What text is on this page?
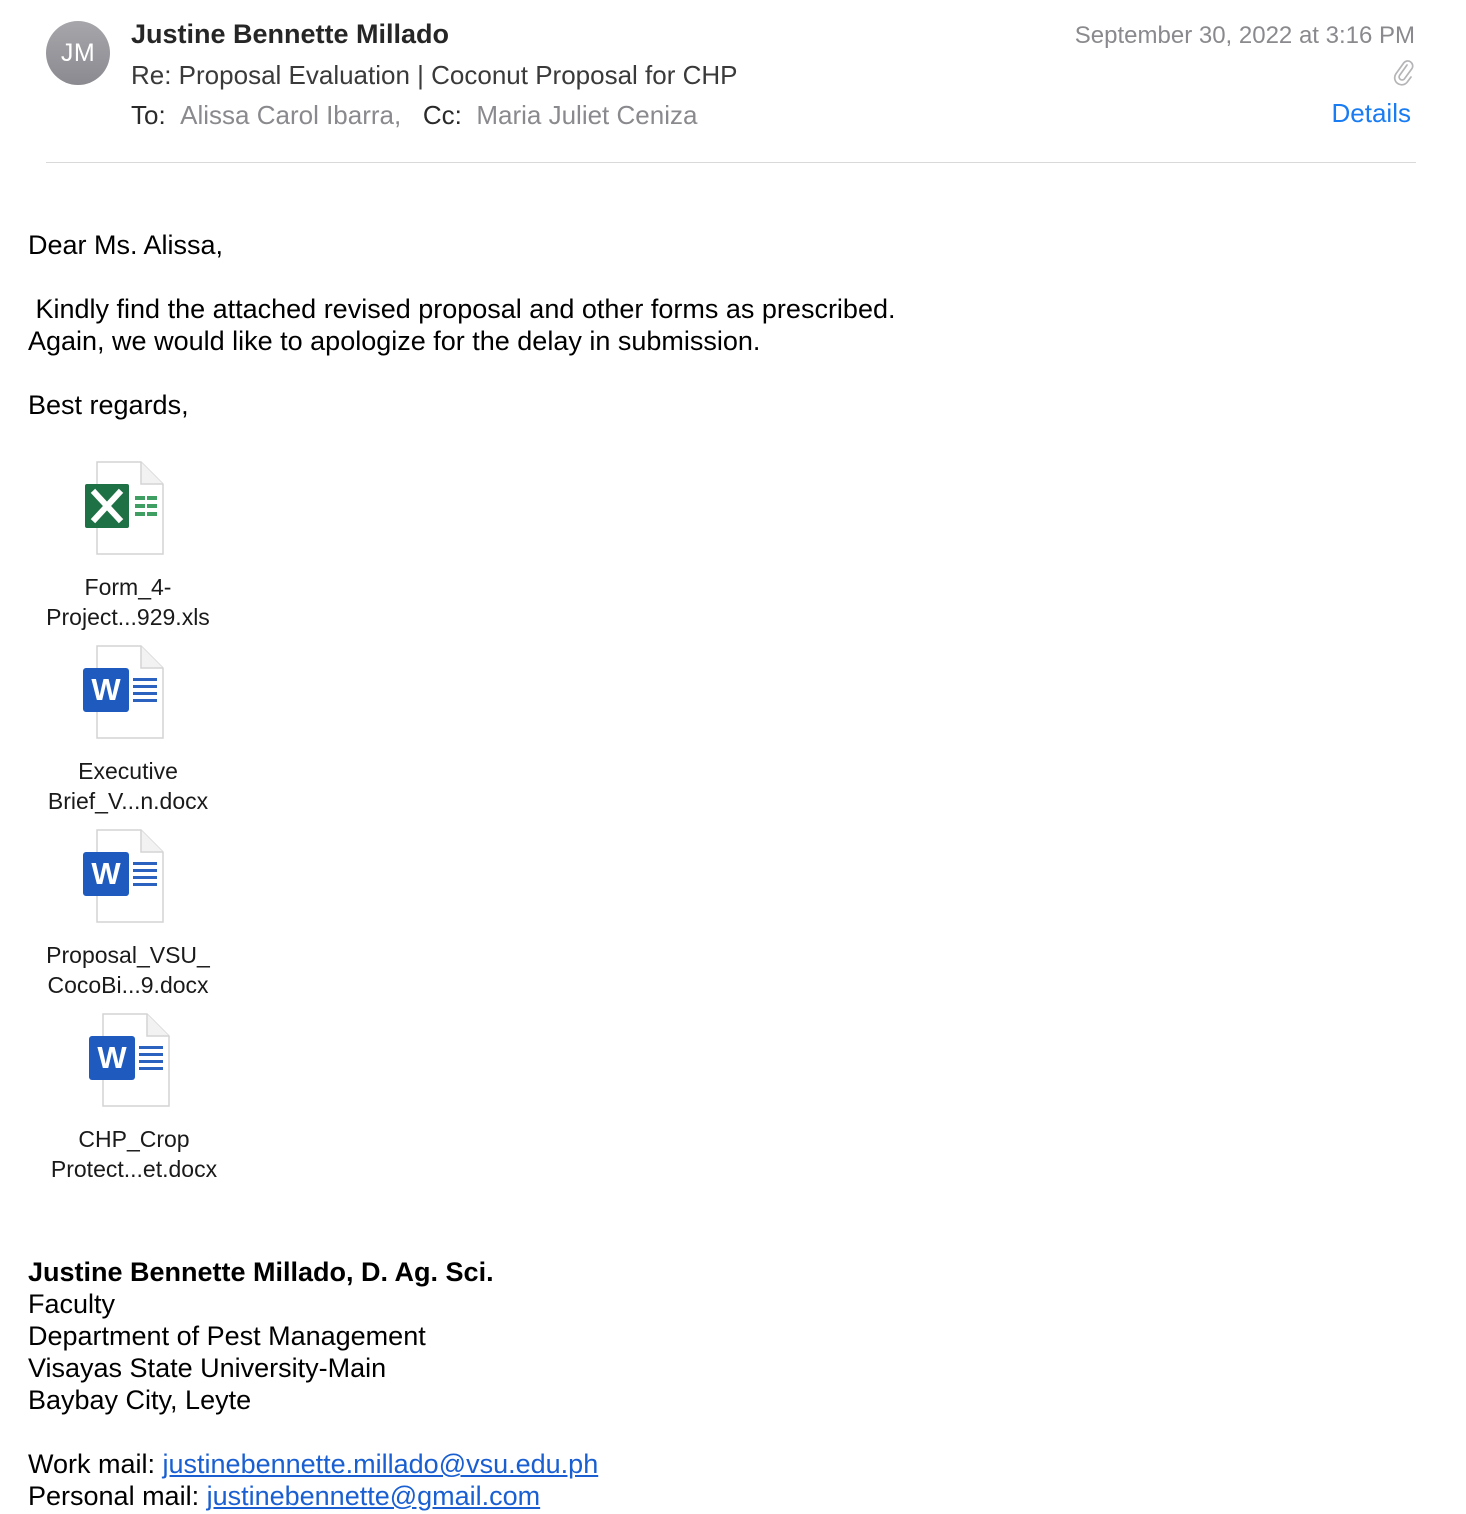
JM
Justine Bennette Millado
Re: Proposal Evaluation | Coconut Proposal for CHP
To: Alissa Carol Ibarra, Cc: Maria Juliet Ceniza
September 30, 2022 at 3:16 PM
Details
Dear Ms. Alissa,
Kindly find the attached revised proposal and other forms as prescribed.
Again, we would like to apologize for the delay in submission.
Best regards,
Form_4-
Project...929.xls
W
Executive
Brief_V...n.docx
W
Proposal_VSU_
CocoBi...9.docx
W
CHP_Crop
Protect...et.docx
Justine Bennette Millado, D. Ag. Sci.
Faculty
Department of Pest Management
Visayas State University-Main
Baybay City, Leyte
Work mail: justinebennette.millado@vsu.edu.ph
Personal mail: justinebennette@gmail.com
